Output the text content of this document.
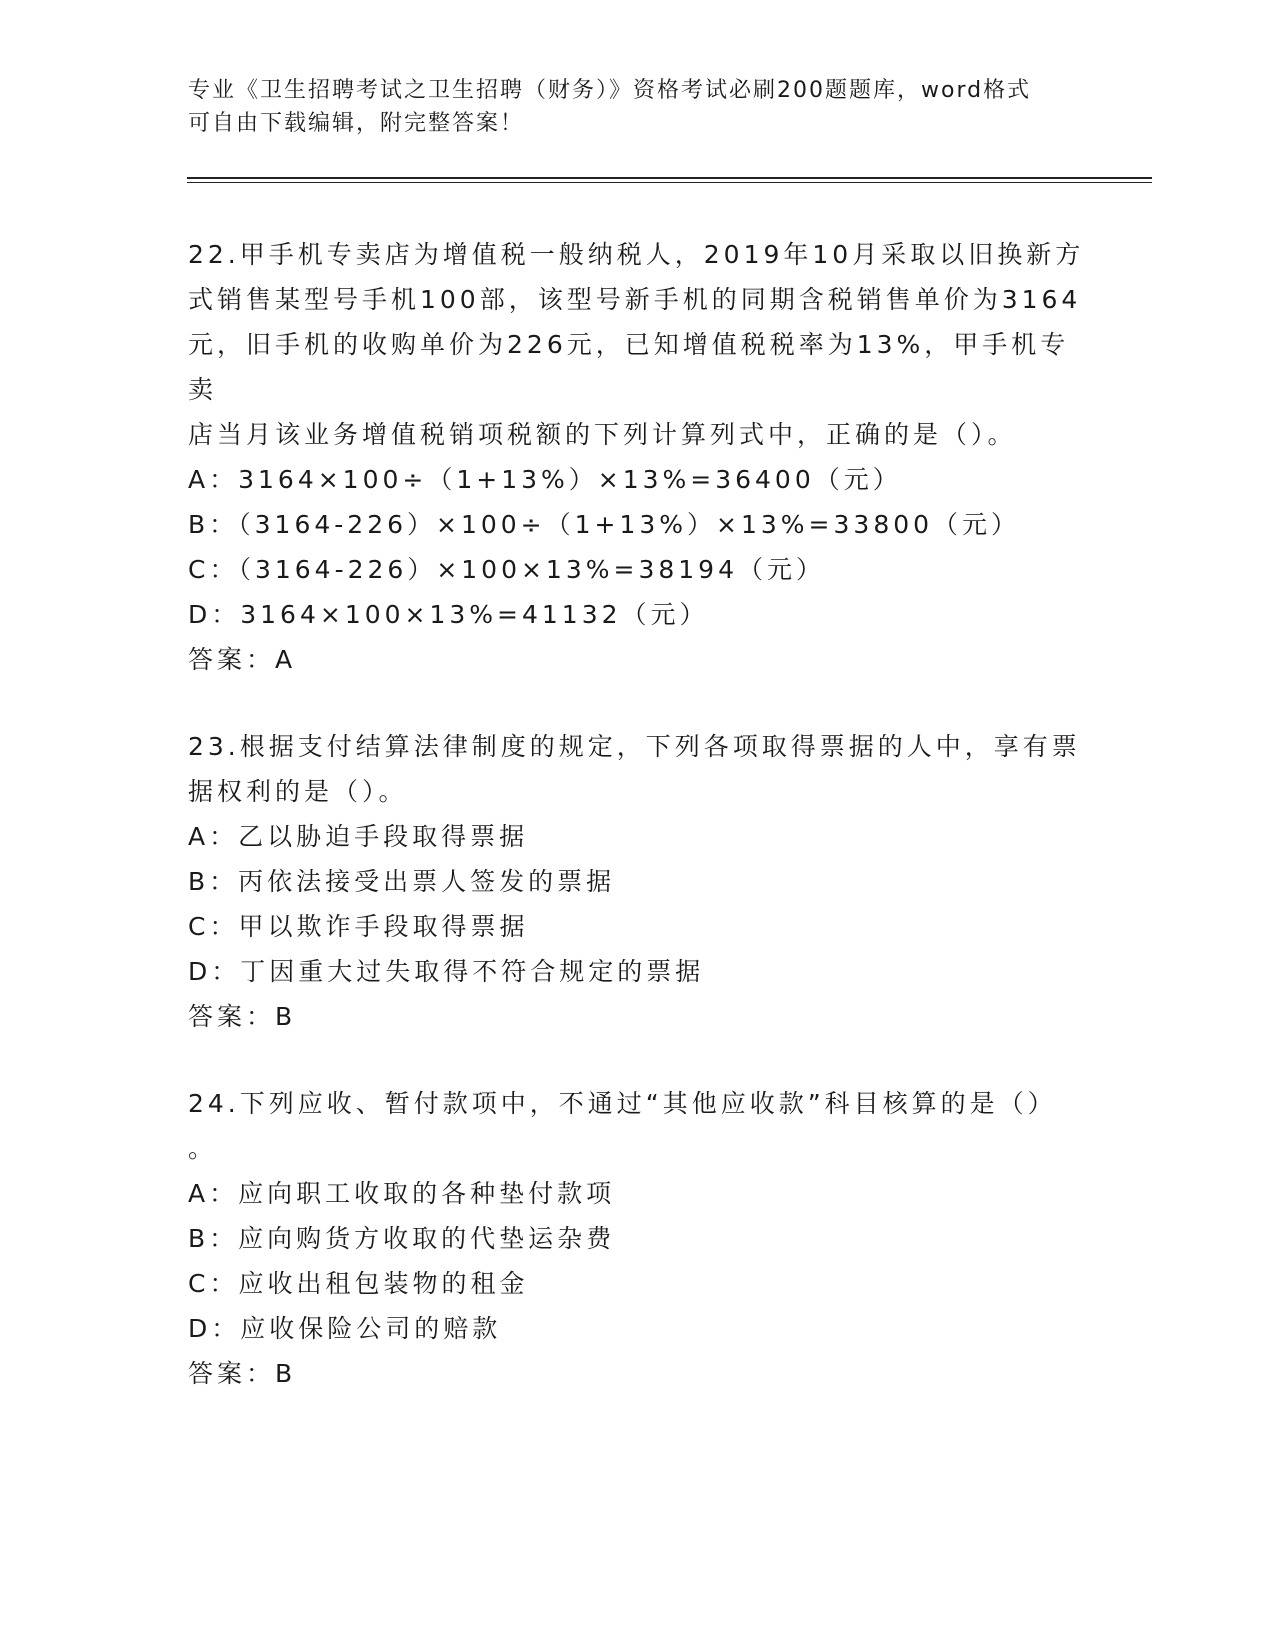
专业《卫生招聘考试之卫生招聘（财务）》资格考试必刷200题题库，word格式
可自由下载编辑，附完整答案！
22.甲手机专卖店为增值税一般纳税人，2019年10月采取以旧换新方
式销售某型号手机100部，该型号新手机的同期含税销售单价为3164
元，旧手机的收购单价为226元，已知增值税税率为13%，甲手机专卖
店当月该业务增值税销项税额的下列计算列式中，正确的是（）。
A：3164×100÷（1+13%）×13%=36400（元）
B：（3164-226）×100÷（1+13%）×13%=33800（元）
C：（3164-226）×100×13%=38194（元）
D：3164×100×13%=41132（元）
答案：A
23.根据支付结算法律制度的规定，下列各项取得票据的人中，享有票
据权利的是（）。
A：乙以胁迫手段取得票据
B：丙依法接受出票人签发的票据
C：甲以欺诈手段取得票据
D：丁因重大过失取得不符合规定的票据
答案：B
24.下列应收、暂付款项中，不通过“其他应收款”科目核算的是（）
。
A：应向职工收取的各种垫付款项
B：应向购货方收取的代垫运杂费
C：应收出租包装物的租金
D：应收保险公司的赔款
答案：B
